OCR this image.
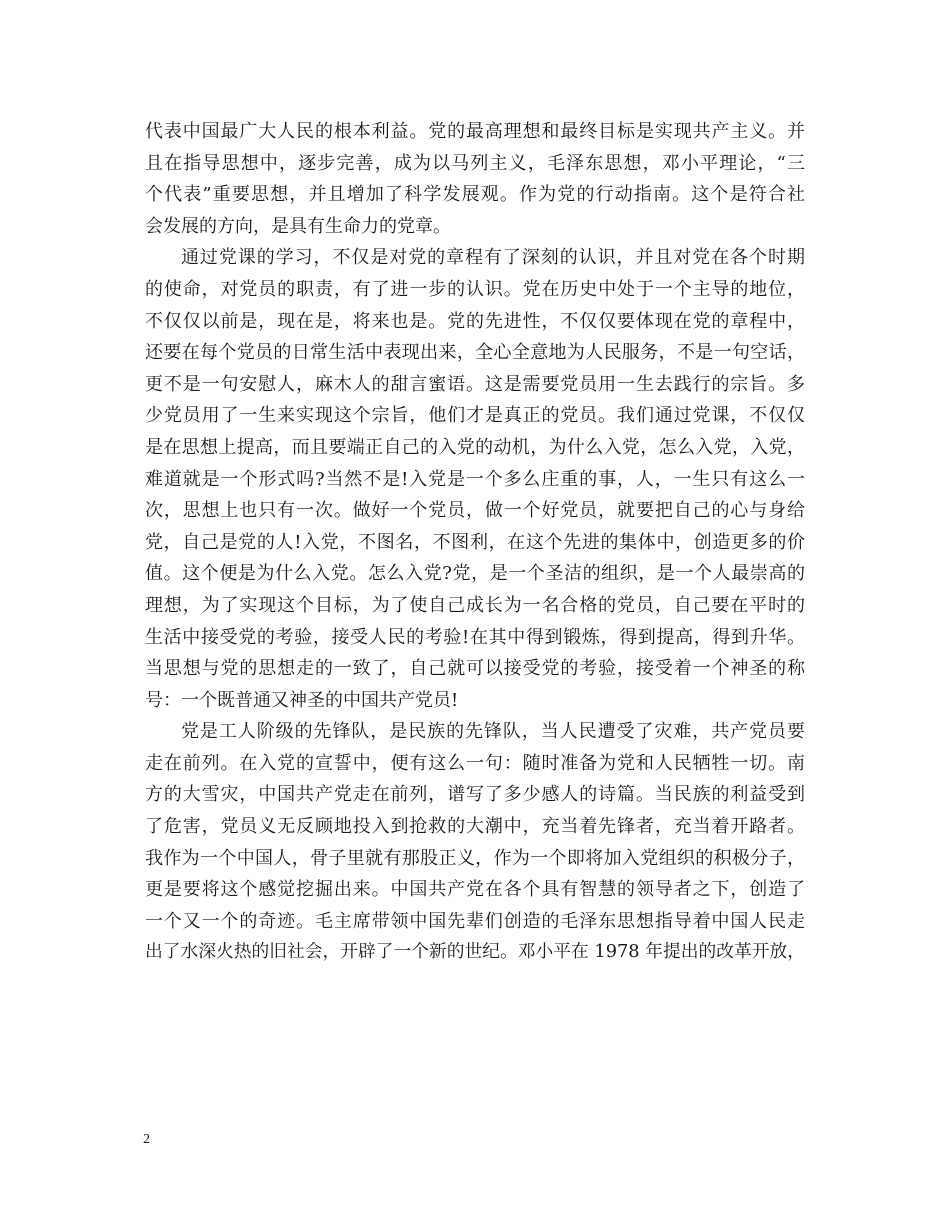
代表中国最广大人民的根本利益。党的最高理想和最终目标是实现共产主义。并
且在指导思想中，逐步完善，成为以马列主义，毛泽东思想，邓小平理论，“三
个代表”重要思想，并且增加了科学发展观。作为党的行动指南。这个是符合社
会发展的方向，是具有生命力的党章。
通过党课的学习，不仅是对党的章程有了深刻的认识，并且对党在各个时期
的使命，对党员的职责，有了进一步的认识。党在历史中处于一个主导的地位，
不仅仅以前是，现在是，将来也是。党的先进性，不仅仅要体现在党的章程中，
还要在每个党员的日常生活中表现出来，全心全意地为人民服务，不是一句空话，
更不是一句安慰人，麻木人的甜言蜜语。这是需要党员用一生去践行的宗旨。多
少党员用了一生来实现这个宗旨，他们才是真正的党员。我们通过党课，不仅仅
是在思想上提高，而且要端正自己的入党的动机，为什么入党，怎么入党，入党，
难道就是一个形式吗?当然不是!入党是一个多么庄重的事，人，一生只有这么一
次，思想上也只有一次。做好一个党员，做一个好党员，就要把自己的心与身给
党，自己是党的人!入党，不图名，不图利，在这个先进的集体中，创造更多的价
值。这个便是为什么入党。怎么入党?党，是一个圣洁的组织，是一个人最崇高的
理想，为了实现这个目标，为了使自己成长为一名合格的党员，自己要在平时的
生活中接受党的考验，接受人民的考验!在其中得到锻炼，得到提高，得到升华。
当思想与党的思想走的一致了，自己就可以接受党的考验，接受着一个神圣的称
号：一个既普通又神圣的中国共产党员!
党是工人阶级的先锋队，是民族的先锋队，当人民遭受了灾难，共产党员要
走在前列。在入党的宣誓中，便有这么一句：随时准备为党和人民牺牲一切。南
方的大雪灾，中国共产党走在前列，谱写了多少感人的诗篇。当民族的利益受到
了危害，党员义无反顾地投入到抢救的大潮中，充当着先锋者，充当着开路者。
我作为一个中国人，骨子里就有那股正义，作为一个即将加入党组织的积极分子，
更是要将这个感觉挖掘出来。中国共产党在各个具有智慧的领导者之下，创造了
一个又一个的奇迹。毛主席带领中国先辈们创造的毛泽东思想指导着中国人民走
出了水深火热的旧社会，开辟了一个新的世纪。邓小平在 1978 年提出的改革开放，
2
